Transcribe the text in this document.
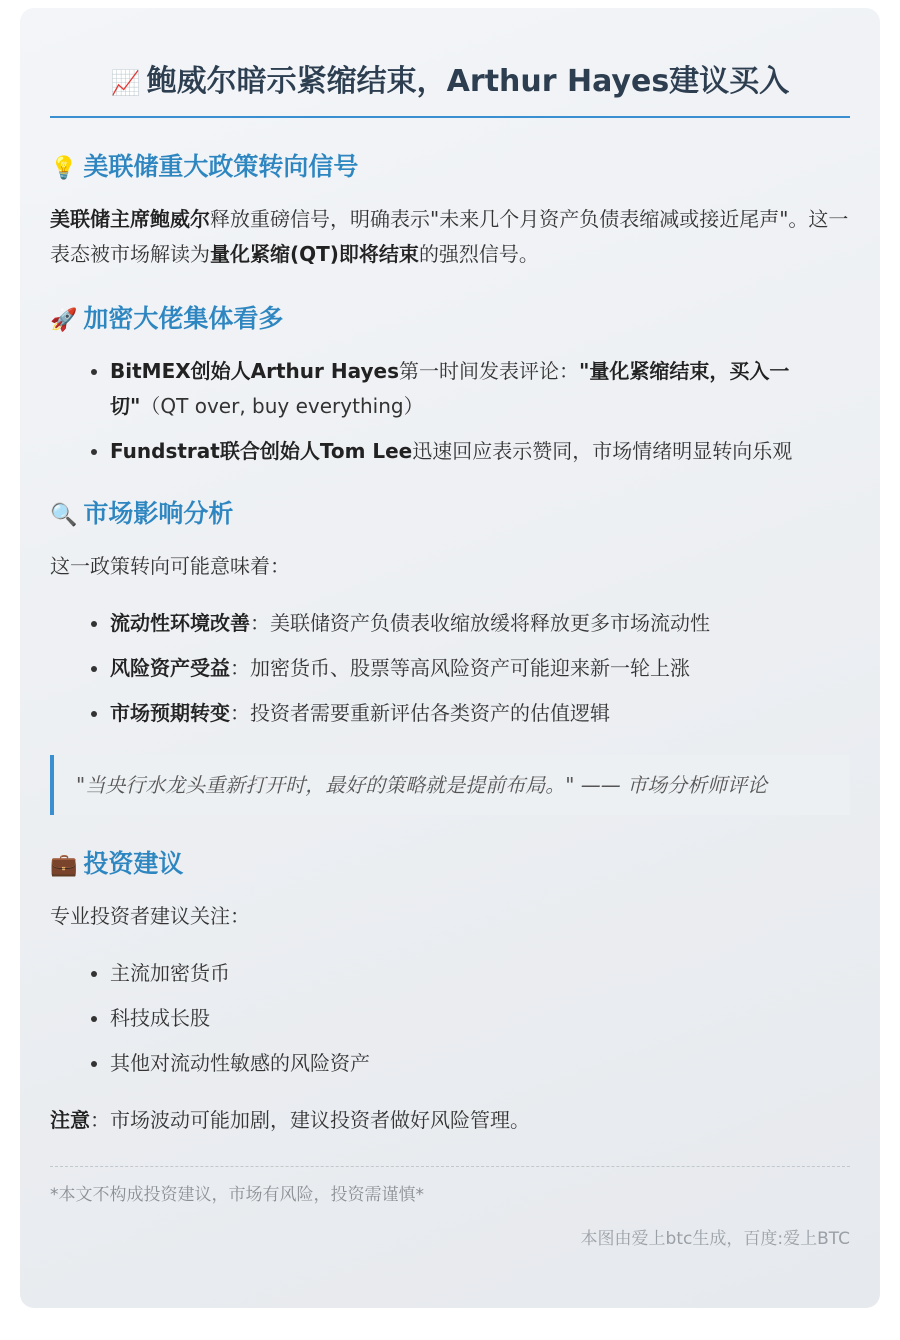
📈 鲍威尔暗示紧缩结束，Arthur Hayes建议买入
💡 美联储重大政策转向信号

美联储主席鲍威尔释放重磅信号，明确表示"未来几个月资产负债表缩减或接近尾声"。这一表态被市场解读为量化紧缩(QT)即将结束的强烈信号。

🚀 加密大佬集体看多
• BitMEX创始人Arthur Hayes第一时间发表评论："量化紧缩结束，买入一切"（QT over, buy everything）
• Fundstrat联合创始人Tom Lee迅速回应表示赞同，市场情绪明显转向乐观
🔍 市场影响分析

这一政策转向可能意味着：

• 流动性环境改善：美联储资产负债表收缩放缓将释放更多市场流动性
• 风险资产受益：加密货币、股票等高风险资产可能迎来新一轮上涨
• 市场预期转变：投资者需要重新评估各类资产的估值逻辑
"当央行水龙头重新打开时，最好的策略就是提前布局。" —— 市场分析师评论
💼 投资建议

专业投资者建议关注：

• 主流加密货币
• 科技成长股
• 其他对流动性敏感的风险资产

注意：市场波动可能加剧，建议投资者做好风险管理。

*本文不构成投资建议，市场有风险，投资需谨慎*
本图由爱上btc生成，百度:爱上BTC
